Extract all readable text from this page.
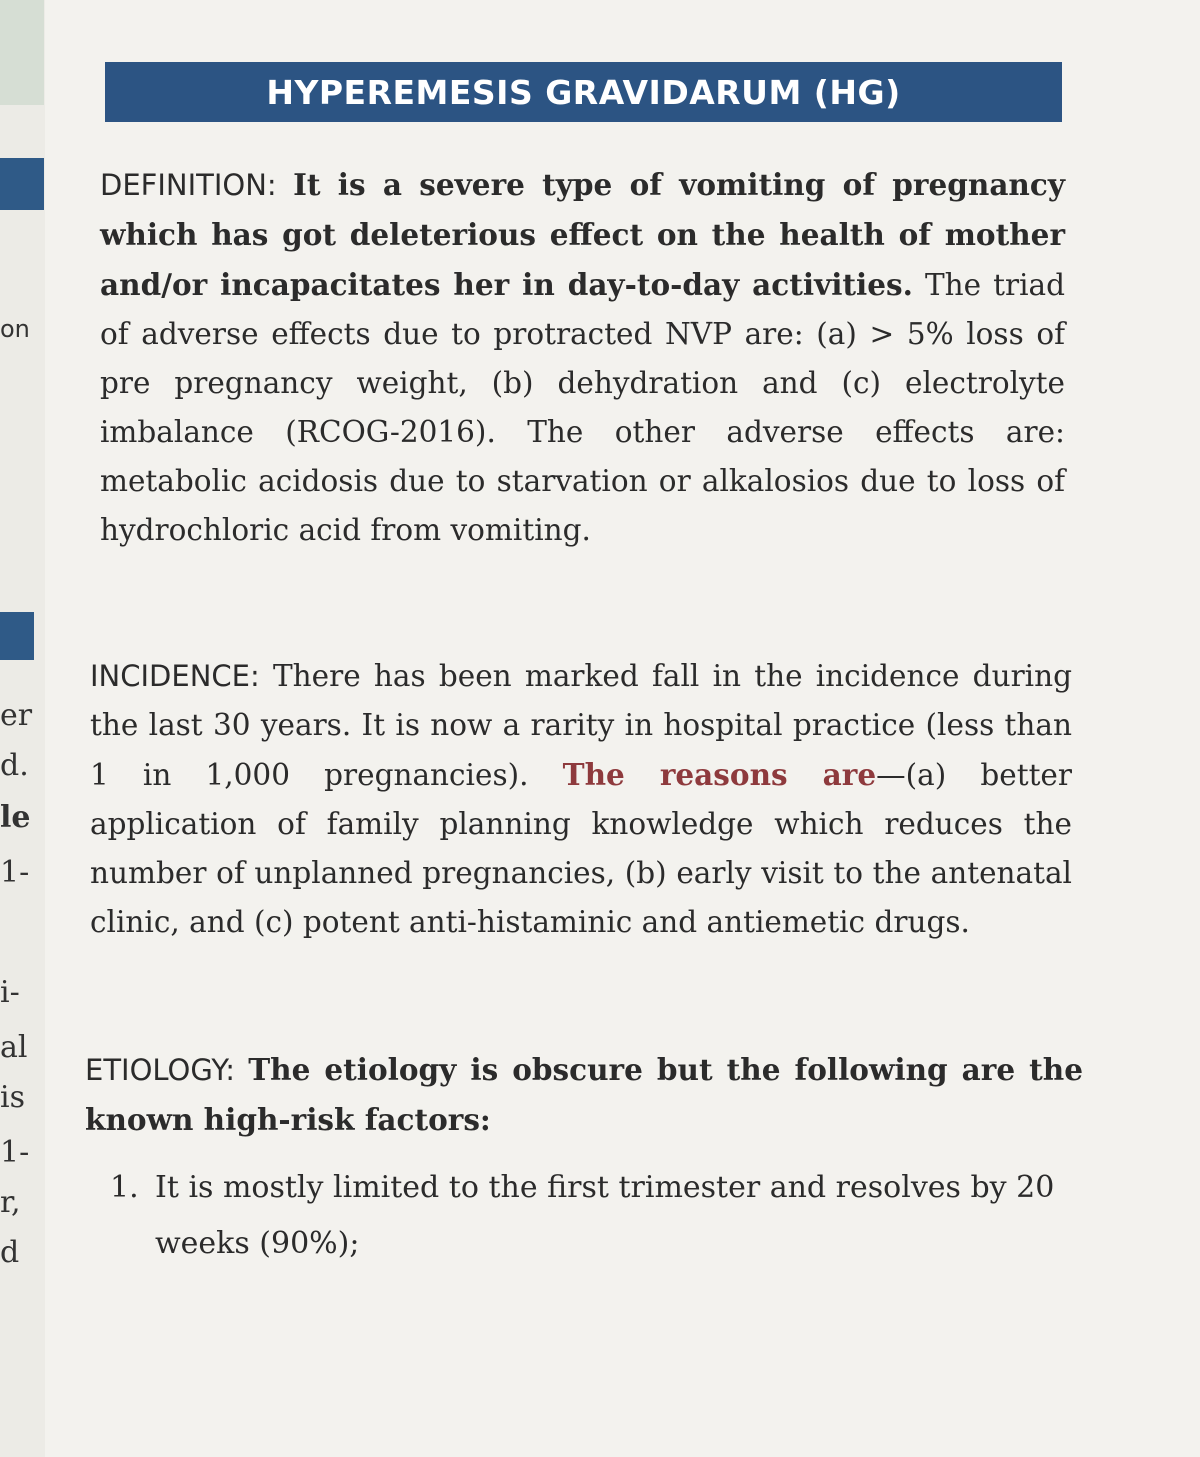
on
er
d.
le
1-
i-
al
is
1-
r,
d
HYPEREMESIS GRAVIDARUM (HG)
DEFINITION: It is a severe type of vomiting of pregnancy which has got deleterious effect on the health of mother and/or incapacitates her in day-to-day activities. The triad of adverse effects due to protracted NVP are: (a) > 5% loss of pre pregnancy weight, (b) dehydration and (c) electrolyte imbalance (RCOG-2016). The other adverse effects are: metabolic acidosis due to starvation or alkalosios due to loss of hydrochloric acid from vomiting.
INCIDENCE: There has been marked fall in the incidence during the last 30 years. It is now a rarity in hospital practice (less than 1 in 1,000 pregnancies). The reasons are—(a) better application of family planning knowledge which reduces the number of unplanned pregnancies, (b) early visit to the antenatal clinic, and (c) potent anti-histaminic and antiemetic drugs.
ETIOLOGY: The etiology is obscure but the following are the known high-risk factors:
1. It is mostly limited to the first trimester and resolves by 20 weeks (90%);
